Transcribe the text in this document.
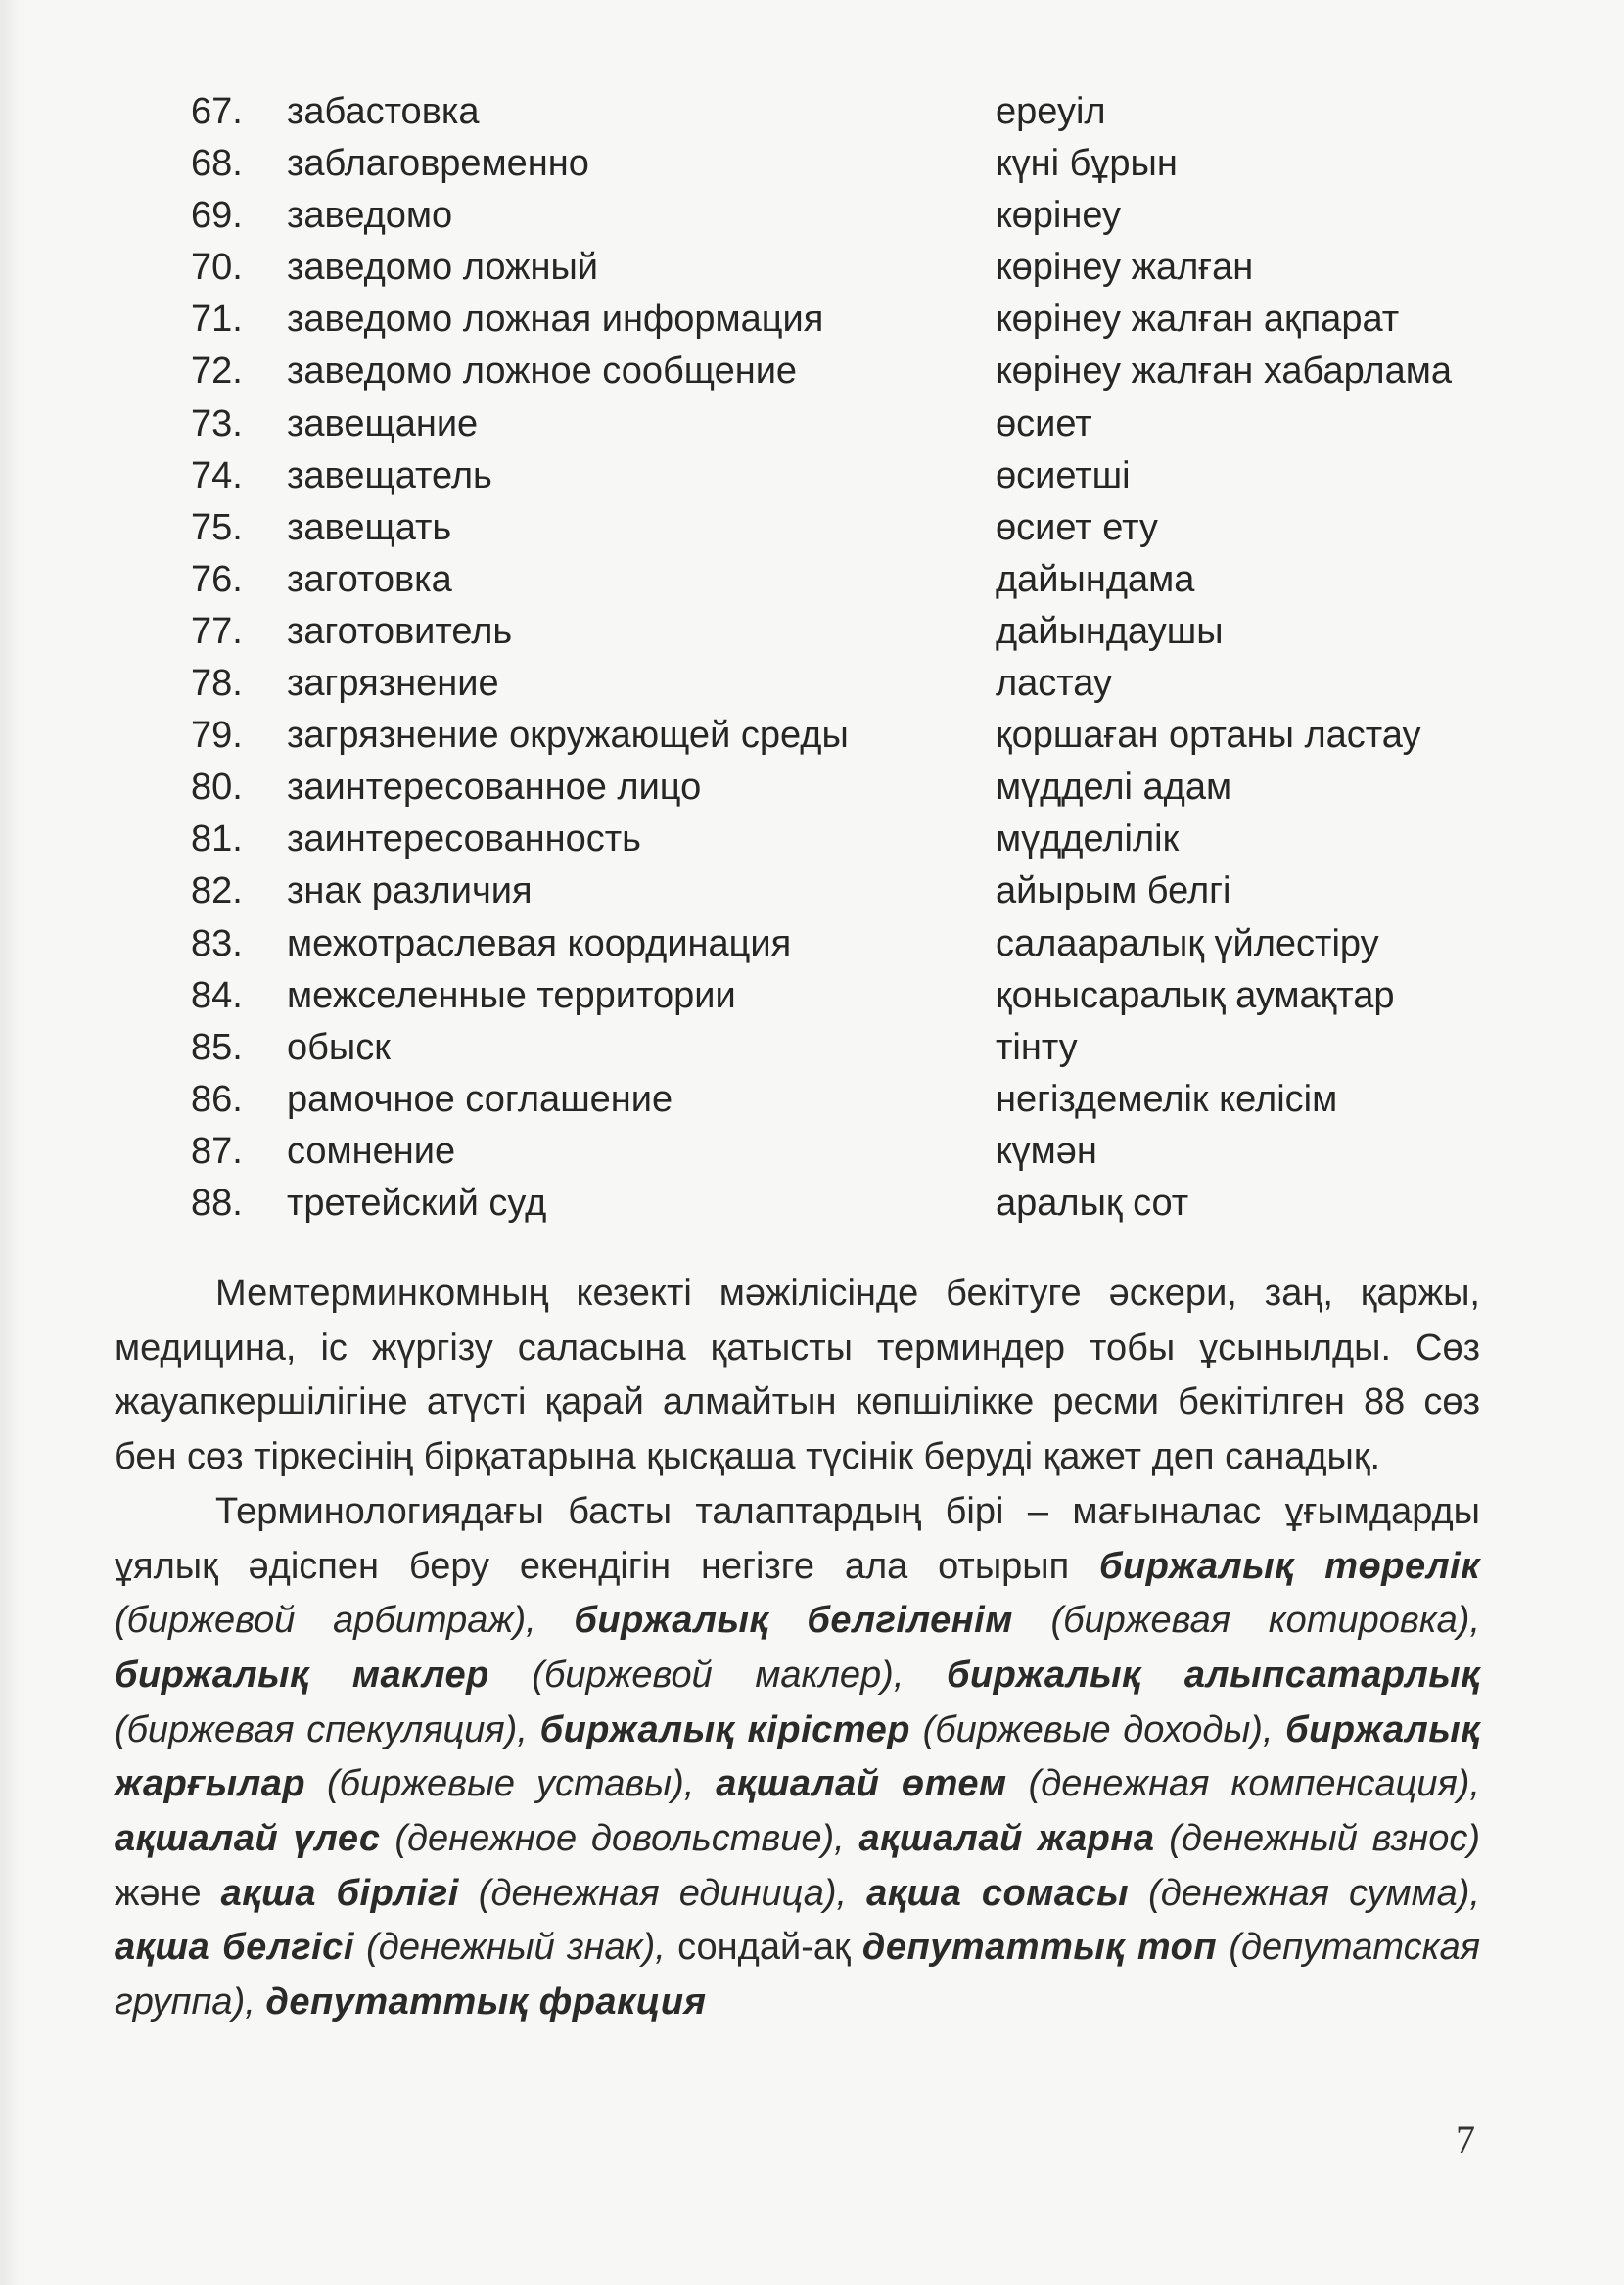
67.	забастовка	ереуіл
68.	заблаговременно	күні бұрын
69.	заведомо	көрінеу
70.	заведомо ложный	көрінеу жалған
71.	заведомо ложная информация	көрінеу жалған ақпарат
72.	заведомо ложное сообщение	көрінеу жалған хабарлама
73.	завещание	өсиет
74.	завещатель	өсиетші
75.	завещать	өсиет ету
76.	заготовка	дайындама
77.	заготовитель	дайындаушы
78.	загрязнение	ластау
79.	загрязнение окружающей среды	қоршаған ортаны ластау
80.	заинтересованное лицо	мүдделі адам
81.	заинтересованность	мүдделілік
82.	знак различия	айырым белгі
83.	межотраслевая координация	салааралық үйлестіру
84.	межселенные территории	қонысаралық аумақтар
85.	обыск	тінту
86.	рамочное соглашение	негіздемелік келісім
87.	сомнение	күмән
88.	третейский суд	аралық сот

Мемтерминкомның кезекті мәжілісінде бекітуге әскери, заң, қаржы, медицина, іс жүргізу саласына қатысты терминдер тобы ұсынылды. Сөз жауапкершілігіне атүсті қарай алмайтын көпшілікке ресми бекітілген 88 сөз бен сөз тіркесінің бірқатарына қысқаша түсінік беруді қажет деп санадық.

Терминологиядағы басты талаптардың бірі – мағыналас ұғымдарды ұялық әдіспен беру екендігін негізге ала отырып биржалық төрелік (биржевой арбитраж), биржалық белгіленім (биржевая котировка), биржалық маклер (биржевой маклер), биржалық алыпсатарлық (биржевая спекуляция), биржалық кірістер (биржевые доходы), биржалық жарғылар (биржевые уставы), ақшалай өтем (денежная компенсация), ақшалай үлес (денежное довольствие), ақшалай жарна (денежный взнос) және ақша бірлігі (денежная единица), ақша сомасы (денежная сумма), ақша белгісі (денежный знак), сондай-ақ депутаттық топ (депутатская группа), депутаттық фракция

7
